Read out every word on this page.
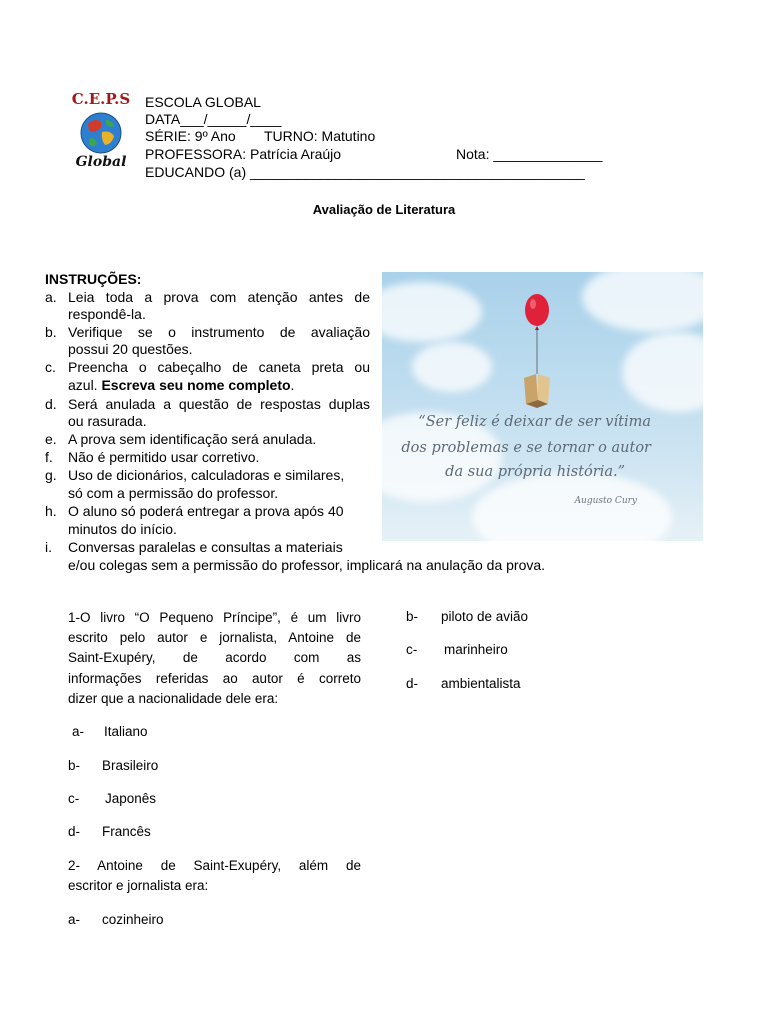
C.E.P.S
Global
ESCOLA GLOBAL
DATA___/_____/____
SÉRIE: 9º Ano TURNO: Matutino
PROFESSORA: Patrícia Araújo	Nota: ______________
EDUCANDO (a) ___________________________________________
Avaliação de Literatura
INSTRUÇÕES:
a. Leia toda a prova com atenção antes de
respondê-la.
b. Verifique se o instrumento de avaliação
possui 20 questões.
c. Preencha o cabeçalho de caneta preta ou
azul. Escreva seu nome completo.
d. Será anulada a questão de respostas duplas
ou rasurada.
e. A prova sem identificação será anulada.
f.	Não é permitido usar corretivo.
g. Uso de dicionários, calculadoras e similares,
só com a permissão do professor.
h. O aluno só poderá entregar a prova após 40
minutos do início.
i.	Conversas paralelas e consultas a materiais
e/ou colegas sem a permissão do professor, implicará na anulação da prova.
“Ser feliz é deixar de ser vítima
dos problemas e se tornar o autor
da sua própria história.”
Augusto Cury
1-O livro “O Pequeno Príncipe”, é um livro
escrito pelo autor e jornalista, Antoine de
Saint-Exupéry, de acordo com as
informações referidas ao autor é correto
dizer que a nacionalidade dele era:
a- Italiano
b- Brasileiro
c- Japonês
d- Francês
2- Antoine de Saint-Exupéry, além de
escritor e jornalista era:
a- cozinheiro
b- piloto de avião
c- marinheiro
d- ambientalista
